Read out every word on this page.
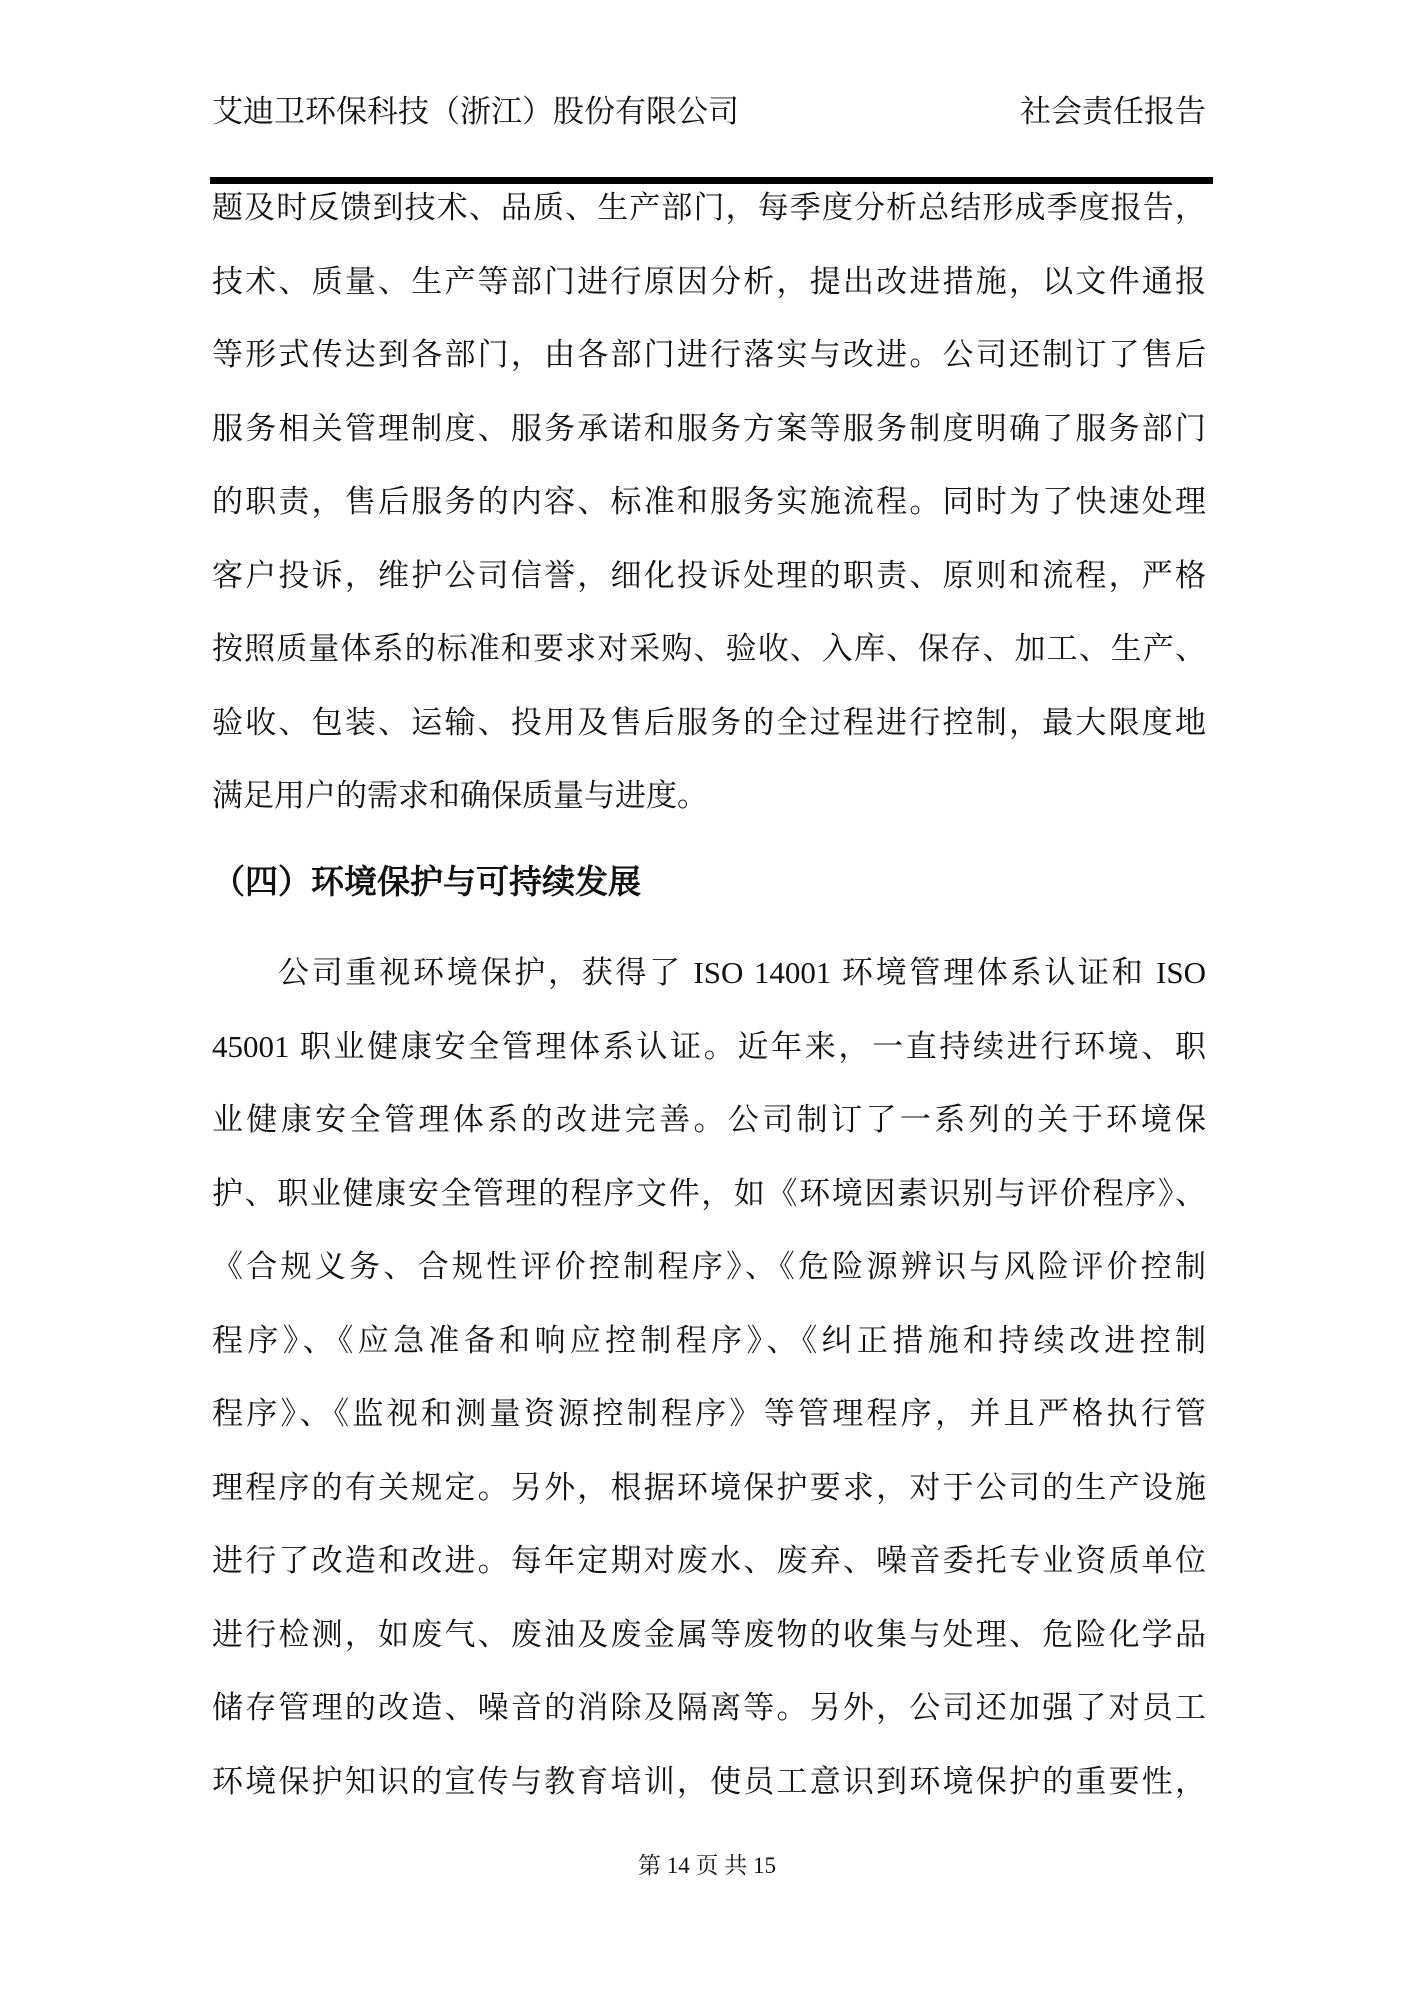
艾迪卫环保科技（浙江）股份有限公司	社会责任报告
题及时反馈到技术、品质、生产部门，每季度分析总结形成季度报告，
技术、质量、生产等部门进行原因分析，提出改进措施，以文件通报
等形式传达到各部门，由各部门进行落实与改进。公司还制订了售后
服务相关管理制度、服务承诺和服务方案等服务制度明确了服务部门
的职责，售后服务的内容、标准和服务实施流程。同时为了快速处理
客户投诉，维护公司信誉，细化投诉处理的职责、原则和流程，严格
按照质量体系的标准和要求对采购、验收、入库、保存、加工、生产、
验收、包装、运输、投用及售后服务的全过程进行控制，最大限度地
满足用户的需求和确保质量与进度。
（四）环境保护与可持续发展
公司重视环境保护，获得了 ISO 14001 环境管理体系认证和 ISO
45001 职业健康安全管理体系认证。近年来，一直持续进行环境、职
业健康安全管理体系的改进完善。公司制订了一系列的关于环境保
护、职业健康安全管理的程序文件，如《环境因素识别与评价程序》、
《合规义务、合规性评价控制程序》、《危险源辨识与风险评价控制
程序》、《应急准备和响应控制程序》、《纠正措施和持续改进控制
程序》、《监视和测量资源控制程序》等管理程序，并且严格执行管
理程序的有关规定。另外，根据环境保护要求，对于公司的生产设施
进行了改造和改进。每年定期对废水、废弃、噪音委托专业资质单位
进行检测，如废气、废油及废金属等废物的收集与处理、危险化学品
储存管理的改造、噪音的消除及隔离等。另外，公司还加强了对员工
环境保护知识的宣传与教育培训，使员工意识到环境保护的重要性，
第 14 页 共 15
